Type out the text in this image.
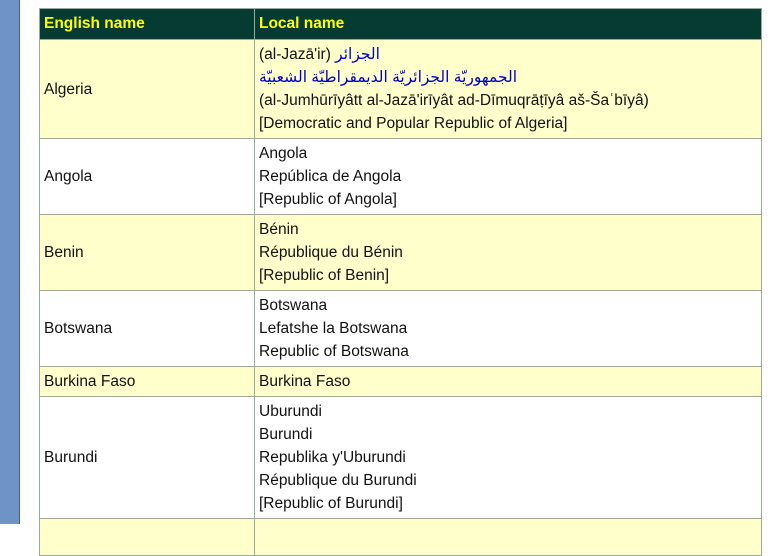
English name	Local name
Algeria	(al-Jazā'ir) الجزائر
الجمهوريّة الجزائريّة الديمقراطيّة الشعبيّة
(al-Jumhūrīyâtt al-Jazā'irīyât ad-Dīmuqrāṭīyâ aš-Šaʿbīyâ)
[Democratic and Popular Republic of Algeria]

Angola	Angola
República de Angola
[Republic of Angola]

Benin	Bénin
République du Bénin
[Republic of Benin]

Botswana	Botswana
Lefatshe la Botswana
Republic of Botswana

Burkina Faso	Burkina Faso

Burundi	Uburundi
Burundi
Republika y'Uburundi
République du Burundi
[Republic of Burundi]
